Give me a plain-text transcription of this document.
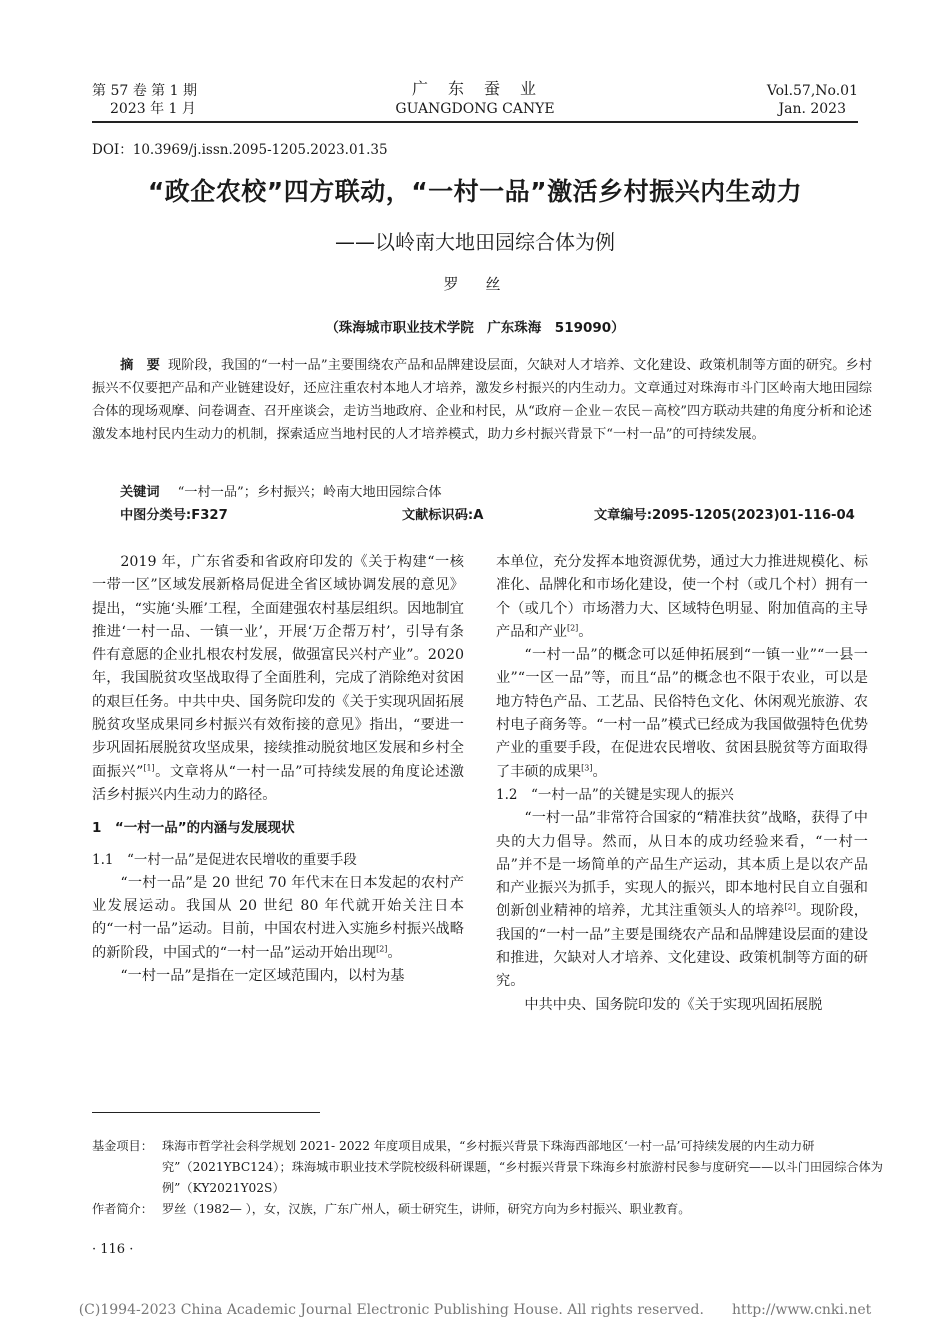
第 57 卷 第 1 期
2023 年 1 月
广　东　蚕　业
GUANGDONG CANYE
Vol.57,No.01
Jan. 2023
DOI：10.3969/j.issn.2095-1205.2023.01.35
“政企农校”四方联动，“一村一品”激活乡村振兴内生动力
——以岭南大地田园综合体为例
罗　丝
（珠海城市职业技术学院　广东珠海　519090）
摘　要 现阶段，我国的“一村一品”主要围绕农产品和品牌建设层面，欠缺对人才培养、文化建设、政策机制等方面的研究。乡村振兴不仅要把产品和产业链建设好，还应注重农村本地人才培养，激发乡村振兴的内生动力。文章通过对珠海市斗门区岭南大地田园综合体的现场观摩、问卷调查、召开座谈会，走访当地政府、企业和村民，从“政府－企业－农民－高校”四方联动共建的角度分析和论述激发本地村民内生动力的机制，探索适应当地村民的人才培养模式，助力乡村振兴背景下“一村一品”的可持续发展。
关键词 “一村一品”；乡村振兴；岭南大地田园综合体
中图分类号:F327	文献标识码:A	文章编号:2095-1205(2023)01-116-04

2019 年，广东省委和省政府印发的《关于构建“一核一带一区”区域发展新格局促进全省区域协调发展的意见》提出，“实施‘头雁’工程，全面建强农村基层组织。因地制宜推进‘一村一品、一镇一业’，开展‘万企帮万村’，引导有条件有意愿的企业扎根农村发展，做强富民兴村产业”。2020 年，我国脱贫攻坚战取得了全面胜利，完成了消除绝对贫困的艰巨任务。中共中央、国务院印发的《关于实现巩固拓展脱贫攻坚成果同乡村振兴有效衔接的意见》指出，“要进一步巩固拓展脱贫攻坚成果，接续推动脱贫地区发展和乡村全面振兴”[1]。文章将从“一村一品”可持续发展的角度论述激活乡村振兴内生动力的路径。

1　“一村一品”的内涵与发展现状

1.1　“一村一品”是促进农民增收的重要手段

“一村一品”是 20 世纪 70 年代末在日本发起的农村产业发展运动。我国从 20 世纪 80 年代就开始关注日本的“一村一品”运动。目前，中国农村进入实施乡村振兴战略的新阶段，中国式的“一村一品”运动开始出现[2]。

“一村一品”是指在一定区域范围内，以村为基

本单位，充分发挥本地资源优势，通过大力推进规模化、标准化、品牌化和市场化建设，使一个村（或几个村）拥有一个（或几个）市场潜力大、区域特色明显、附加值高的主导产品和产业[2]。

“一村一品”的概念可以延伸拓展到“一镇一业”“一县一业”“一区一品”等，而且“品”的概念也不限于农业，可以是地方特色产品、工艺品、民俗特色文化、休闲观光旅游、农村电子商务等。“一村一品”模式已经成为我国做强特色优势产业的重要手段，在促进农民增收、贫困县脱贫等方面取得了丰硕的成果[3]。

1.2　“一村一品”的关键是实现人的振兴

“一村一品”非常符合国家的“精准扶贫”战略，获得了中央的大力倡导。然而，从日本的成功经验来看，“一村一品”并不是一场简单的产品生产运动，其本质上是以农产品和产业振兴为抓手，实现人的振兴，即本地村民自立自强和创新创业精神的培养，尤其注重领头人的培养[2]。现阶段，我国的“一村一品”主要是围绕农产品和品牌建设层面的建设和推进，欠缺对人才培养、文化建设、政策机制等方面的研究。

中共中央、国务院印发的《关于实现巩固拓展脱

基金项目： 珠海市哲学社会科学规划 2021- 2022 年度项目成果，“乡村振兴背景下珠海西部地区‘一村一品’可持续发展的内生动力研究”（2021YBC124）；珠海城市职业技术学院校级科研课题，“乡村振兴背景下珠海乡村旅游村民参与度研究——以斗门田园综合体为例”（KY2021Y02S）
作者简介： 罗丝（1982— ），女，汉族，广东广州人，硕士研究生，讲师，研究方向为乡村振兴、职业教育。
· 116 ·
(C)1994-2023 China Academic Journal Electronic Publishing House. All rights reserved.　　http://www.cnki.net
